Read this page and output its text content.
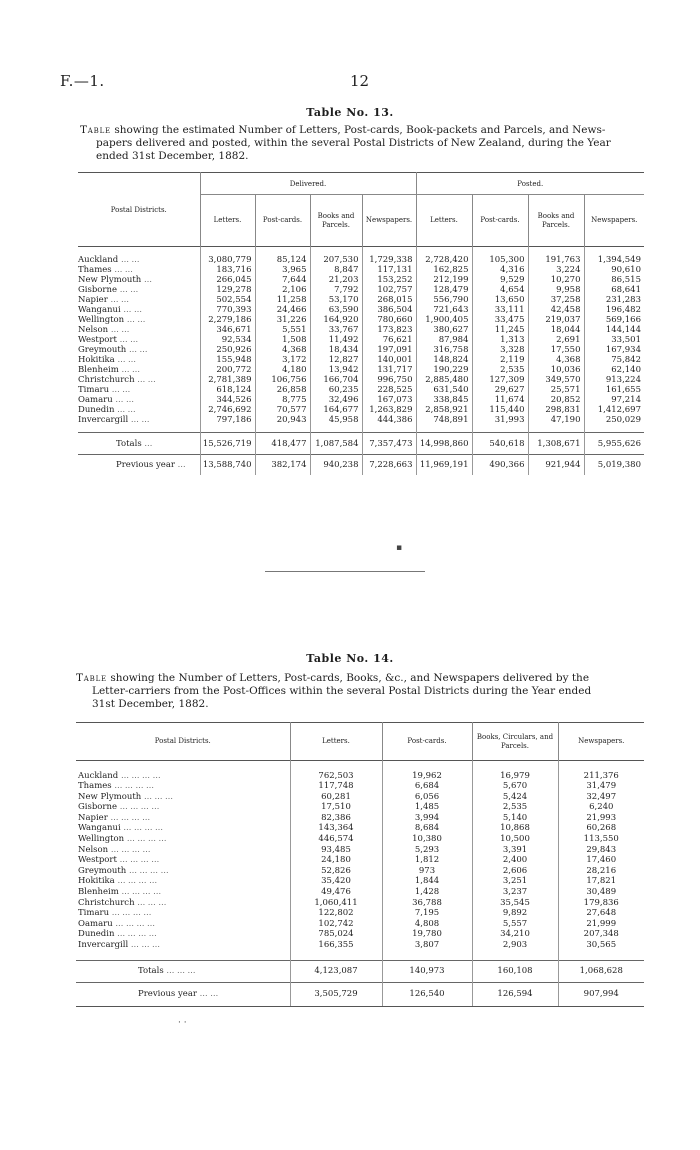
F.—1.	12
Table No. 13.
Table showing the estimated Number of Letters, Post-cards, Book-packets and Parcels, and News-
papers delivered and posted, within the several Postal Districts of New Zealand, during the Year
ended 31st December, 1882.
Postal Districts.	Delivered.				Posted.			
	Letters.	Post-cards.	Books and Parcels.	Newspapers.	Letters.	Post-cards.	Books and Parcels.	Newspapers.

Auckland … …	3,080,779	85,124	207,530	1,729,338	2,728,420	105,300	191,763	1,394,549
Thames … …	183,716	3,965	8,847	117,131	162,825	4,316	3,224	90,610
New Plymouth …	266,045	7,644	21,203	153,252	212,199	9,529	10,270	86,515
Gisborne … …	129,278	2,106	7,792	102,757	128,479	4,654	9,958	68,641
Napier … …	502,554	11,258	53,170	268,015	556,790	13,650	37,258	231,283
Wanganui … …	770,393	24,466	63,590	386,504	721,643	33,111	42,458	196,482
Wellington … …	2,279,186	31,226	164,920	780,660	1,900,405	33,475	219,037	569,166
Nelson … …	346,671	5,551	33,767	173,823	380,627	11,245	18,044	144,144
Westport … …	92,534	1,508	11,492	76,621	87,984	1,313	2,691	33,501
Greymouth … …	250,926	4,368	18,434	197,091	316,758	3,328	17,550	167,934
Hokitika … …	155,948	3,172	12,827	140,001	148,824	2,119	4,368	75,842
Blenheim … …	200,772	4,180	13,942	131,717	190,229	2,535	10,036	62,140
Christchurch … …	2,781,389	106,756	166,704	996,750	2,885,480	127,309	349,570	913,224
Timaru … …	618,124	26,858	60,235	228,525	631,540	29,627	25,571	161,655
Oamaru … …	344,526	8,775	32,496	167,073	338,845	11,674	20,852	97,214
Dunedin … …	2,746,692	70,577	164,677	1,263,829	2,858,921	115,440	298,831	1,412,697
Invercargill … …	797,186	20,943	45,958	444,386	748,891	31,993	47,190	250,029

Totals …	15,526,719	418,477	1,087,584	7,357,473	14,998,860	540,618	1,308,671	5,955,626
Previous year …	13,588,740	382,174	940,238	7,228,663	11,969,191	490,366	921,944	5,019,380
▪
Table No. 14.
Table showing the Number of Letters, Post-cards, Books, &c., and Newspapers delivered by the
Letter-carriers from the Post-Offices within the several Postal Districts during the Year ended
31st December, 1882.
Postal Districts.	Letters.	Post-cards.	Books, Circulars, and Parcels.	Newspapers.

Auckland … … … …	762,503	19,962	16,979	211,376
Thames … … … …	117,748	6,684	5,670	31,479
New Plymouth … … …	60,281	6,056	5,424	32,497
Gisborne … … … …	17,510	1,485	2,535	6,240
Napier … … … …	82,386	3,994	5,140	21,993
Wanganui … … … …	143,364	8,684	10,868	60,268
Wellington … … … …	446,574	10,380	10,500	113,550
Nelson … … … …	93,485	5,293	3,391	29,843
Westport … … … …	24,180	1,812	2,400	17,460
Greymouth … … … …	52,826	973	2,606	28,216
Hokitika … … … …	35,420	1,844	3,251	17,821
Blenheim … … … …	49,476	1,428	3,237	30,489
Christchurch … … …	1,060,411	36,788	35,545	179,836
Timaru … … … …	122,802	7,195	9,892	27,648
Oamaru … … … …	102,742	4,808	5,557	21,999
Dunedin … … … …	785,024	19,780	34,210	207,348
Invercargill … … …	166,355	3,807	2,903	30,565

Totals … … …	4,123,087	140,973	160,108	1,068,628
Previous year … …	3,505,729	126,540	126,594	907,994
· ·
